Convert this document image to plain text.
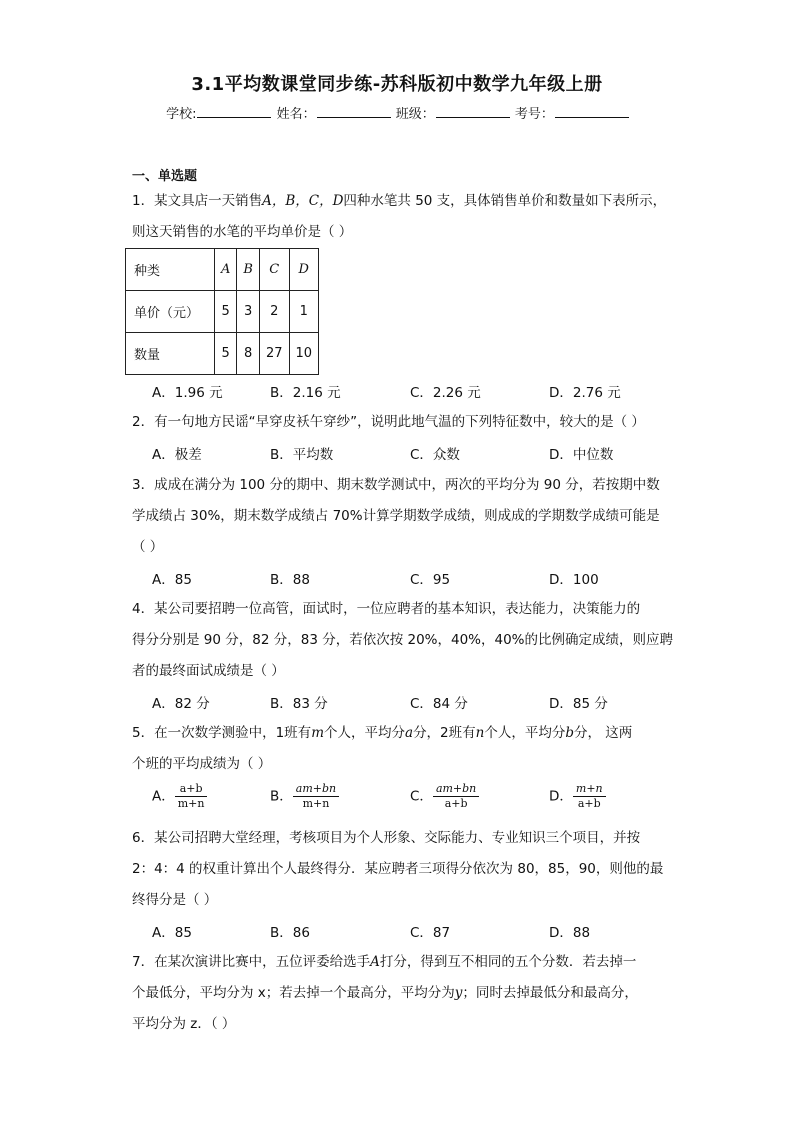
3.1平均数课堂同步练-苏科版初中数学九年级上册
学校:	姓名：	班级：	考号：
一、单选题
1．某文具店一天销售A，B，C，D四种水笔共 50 支，具体销售单价和数量如下表所示，
则这天销售的水笔的平均单价是（ ）
种类	A	B	C	D
单价（元）	5	3	2	1
数量	5	8	27	10
A．1.96 元	B．2.16 元	C．2.26 元	D．2.76 元
2．有一句地方民谣“早穿皮袄午穿纱”，说明此地气温的下列特征数中，较大的是（ ）
A．极差	B．平均数	C．众数	D．中位数
3．成成在满分为 100 分的期中、期末数学测试中，两次的平均分为 90 分，若按期中数
学成绩占 30%，期末数学成绩占 70%计算学期数学成绩，则成成的学期数学成绩可能是
（ ）
A．85	B．88	C．95	D．100
4．某公司要招聘一位高管，面试时，一位应聘者的基本知识，表达能力，决策能力的
得分分别是 90 分，82 分，83 分，若依次按 20%，40%，40%的比例确定成绩，则应聘
者的最终面试成绩是（ ）
A．82 分	B．83 分	C．84 分	D．85 分
5．在一次数学测验中，1班有m个人，平均分a分，2班有n个人，平均分b分， 这两
个班的平均成绩为（ ）
A． $\frac{a+b}{m+n}$	B． $\frac{am+bn}{m+n}$	C． $\frac{am+bn}{a+b}$	D． $\frac{m+n}{a+b}$
6．某公司招聘大堂经理，考核项目为个人形象、交际能力、专业知识三个项目，并按
2：4：4 的权重计算出个人最终得分．某应聘者三项得分依次为 80，85，90，则他的最
终得分是（ ）
A．85	B．86	C．87	D．88
7．在某次演讲比赛中，五位评委给选手A打分，得到互不相同的五个分数．若去掉一
个最低分，平均分为 x；若去掉一个最高分，平均分为y；同时去掉最低分和最高分，
平均分为 z．（ ）
